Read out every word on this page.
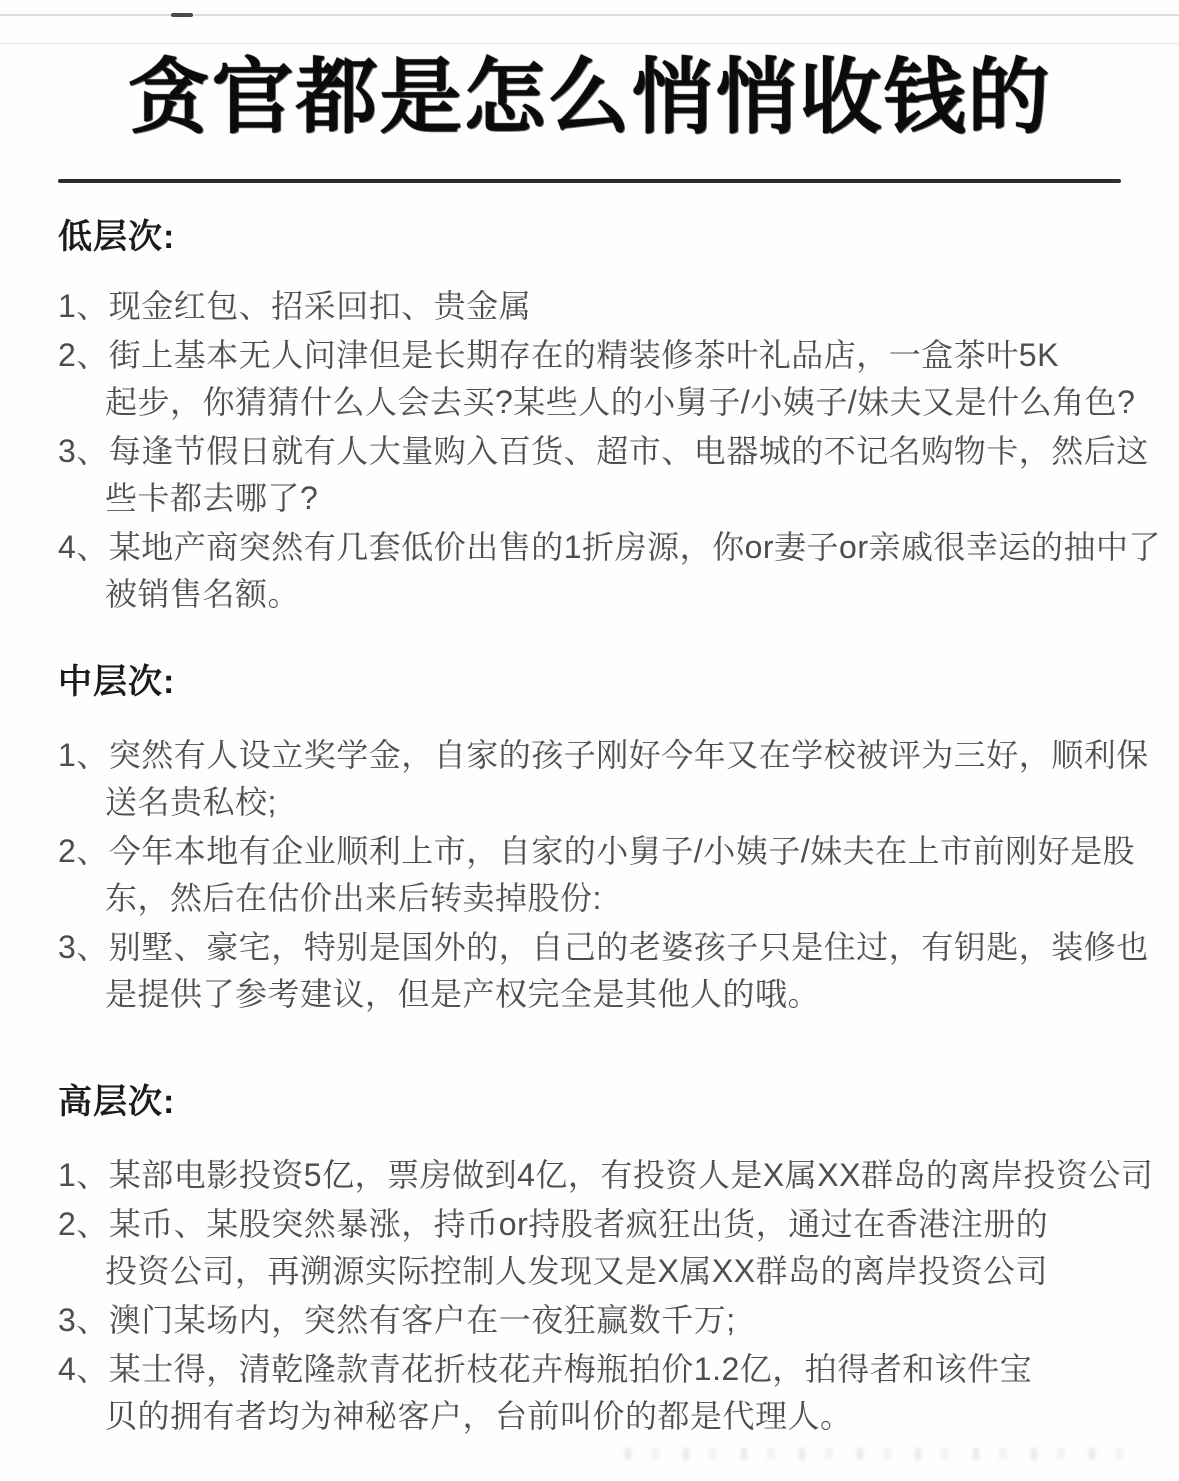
贪官都是怎么悄悄收钱的
低层次:
1、现金红包、招采回扣、贵金属
2、街上基本无人问津但是长期存在的精装修茶叶礼品店，一盒茶叶5K
起步，你猜猜什么人会去买?某些人的小舅子/小姨子/妹夫又是什么角色?
3、每逢节假日就有人大量购入百货、超市、电器城的不记名购物卡，然后这
些卡都去哪了?
4、某地产商突然有几套低价出售的1折房源，你or妻子or亲戚很幸运的抽中了
被销售名额。
中层次:
1、突然有人设立奖学金，自家的孩子刚好今年又在学校被评为三好，顺利保
送名贵私校;
2、今年本地有企业顺利上市，自家的小舅子/小姨子/妹夫在上市前刚好是股
东，然后在估价出来后转卖掉股份:
3、别墅、豪宅，特别是国外的，自己的老婆孩子只是住过，有钥匙，装修也
是提供了参考建议，但是产权完全是其他人的哦。
高层次:
1、某部电影投资5亿，票房做到4亿，有投资人是X属XX群岛的离岸投资公司
2、某币、某股突然暴涨，持币or持股者疯狂出货，通过在香港注册的
投资公司，再溯源实际控制人发现又是X属XX群岛的离岸投资公司
3、澳门某场内，突然有客户在一夜狂赢数千万;
4、某士得，清乾隆款青花折枝花卉梅瓶拍价1.2亿，拍得者和该件宝
贝的拥有者均为神秘客户，台前叫价的都是代理人。
